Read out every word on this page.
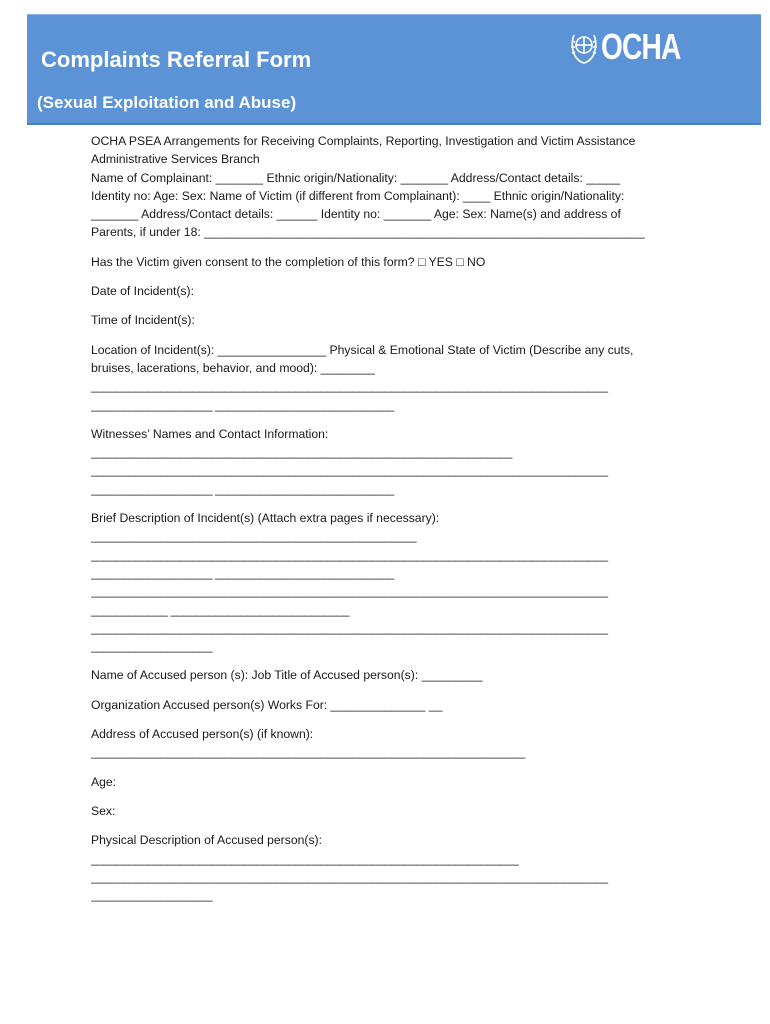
Complaints Referral Form
(Sexual Exploitation and Abuse)
OCHA

OCHA PSEA Arrangements for Receiving Complaints, Reporting, Investigation and Victim Assistance

Administrative Services Branch

Name of Complainant: _______ Ethnic origin/Nationality: _______ Address/Contact details: _____

Identity no: Age: Sex: Name of Victim (if different from Complainant): ____ Ethnic origin/Nationality:

_______ Address/Contact details: ______ Identity no: _______ Age: Sex: Name(s) and address of

Parents, if under 18: _________________________________________________________________

Has the Victim given consent to the completion of this form? □ YES □ NO

Date of Incident(s):

Time of Incident(s):

Location of Incident(s): ________________ Physical & Emotional State of Victim (Describe any cuts,

bruises, lacerations, behavior, and mood): ________

_________________________________________________________________________________

___________________ ____________________________

Witnesses’ Names and Contact Information:

__________________________________________________________________

_________________________________________________________________________________

___________________ ____________________________

Brief Description of Incident(s) (Attach extra pages if necessary):

___________________________________________________

_________________________________________________________________________________

___________________ ____________________________

_________________________________________________________________________________

____________ ____________________________

_________________________________________________________________________________

___________________

Name of Accused person (s): Job Title of Accused person(s): _________

Organization Accused person(s) Works For: ______________ __

Address of Accused person(s) (if known):

____________________________________________________________________

Age:

Sex:

Physical Description of Accused person(s):

___________________________________________________________________

_________________________________________________________________________________

___________________
